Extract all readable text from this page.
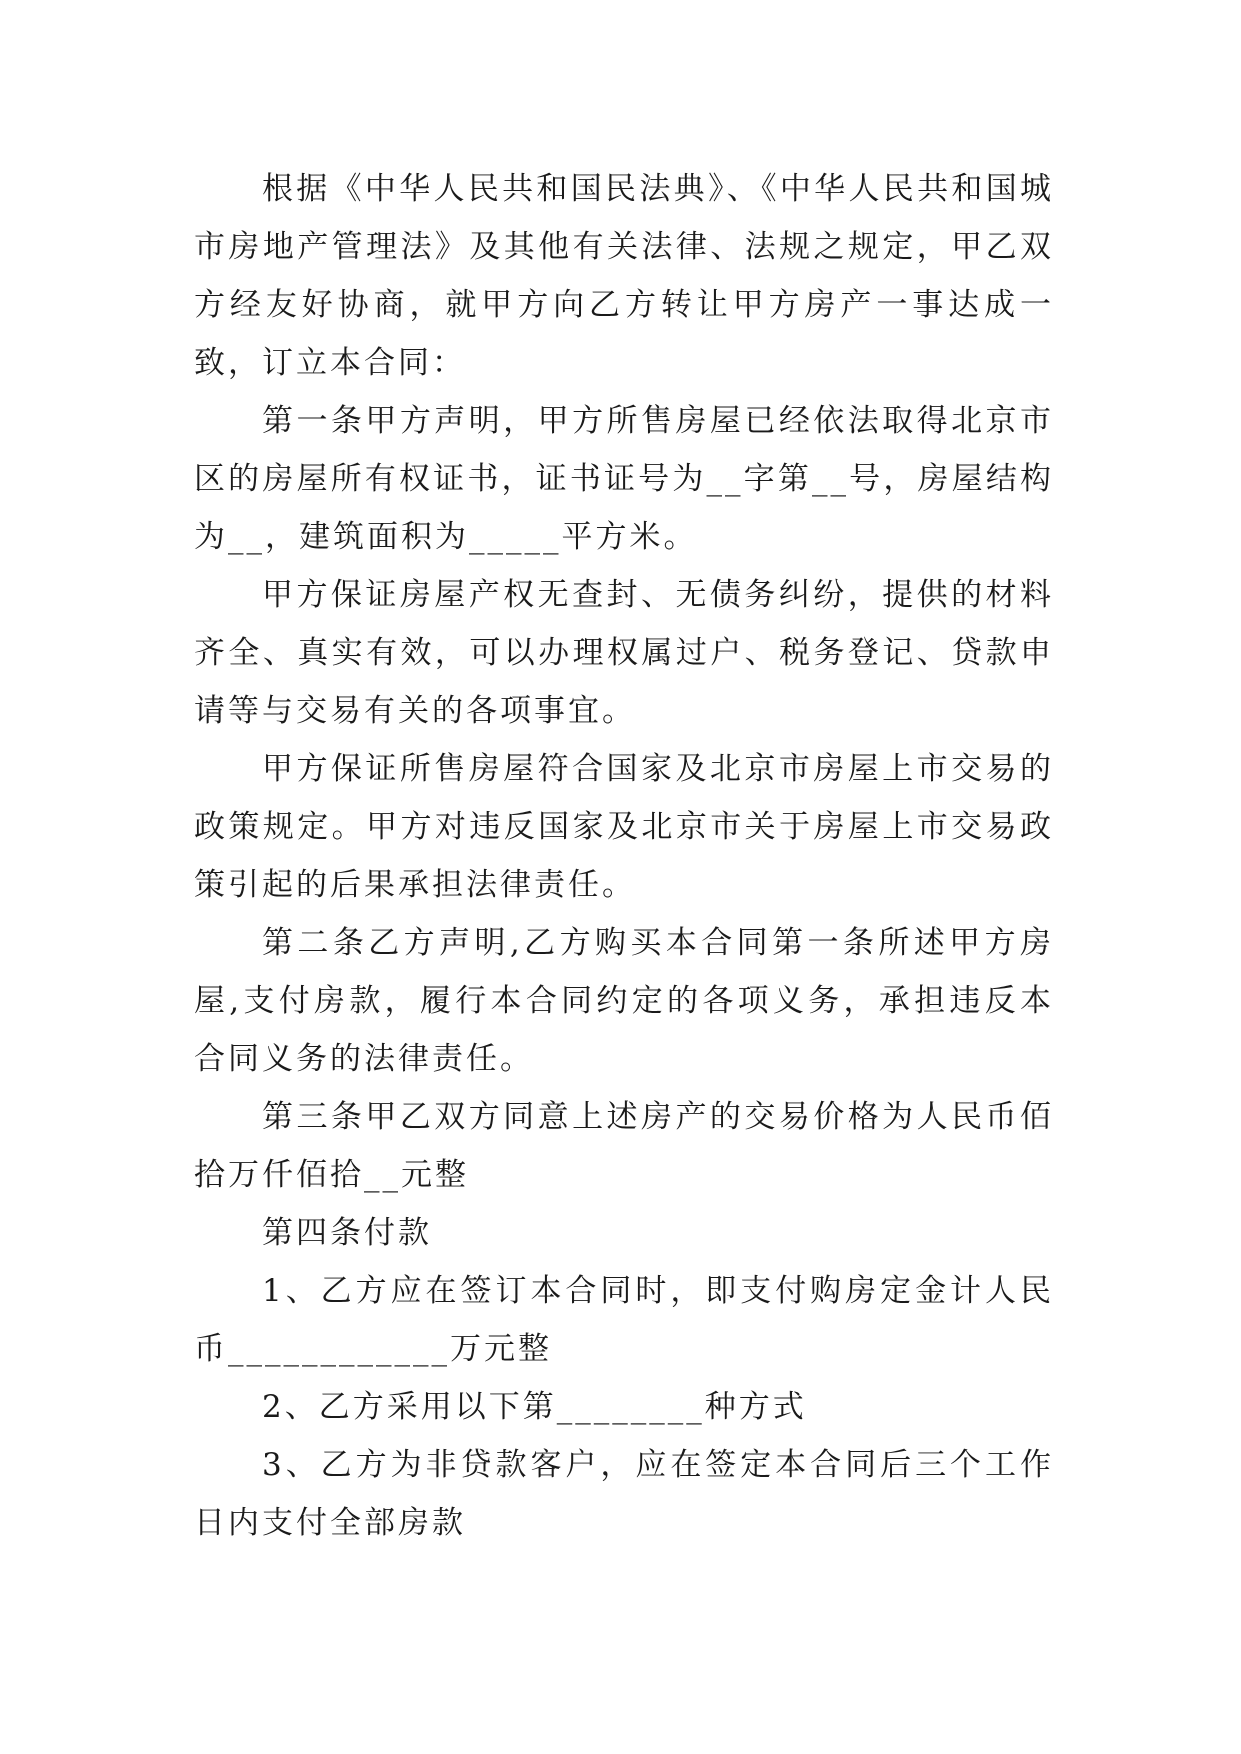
根据《中华人民共和国民法典》、《中华人民共和国城市房地产管理法》及其他有关法律、法规之规定，甲乙双方经友好协商，就甲方向乙方转让甲方房产一事达成一致，订立本合同：

第一条甲方声明，甲方所售房屋已经依法取得北京市区的房屋所有权证书，证书证号为__字第__号，房屋结构为__，建筑面积为_____平方米。

甲方保证房屋产权无查封、无债务纠纷，提供的材料齐全、真实有效，可以办理权属过户、税务登记、贷款申请等与交易有关的各项事宜。

甲方保证所售房屋符合国家及北京市房屋上市交易的政策规定。甲方对违反国家及北京市关于房屋上市交易政策引起的后果承担法律责任。

第二条乙方声明,乙方购买本合同第一条所述甲方房屋,支付房款，履行本合同约定的各项义务，承担违反本合同义务的法律责任。

第三条甲乙双方同意上述房产的交易价格为人民币佰拾万仟佰拾__元整

第四条付款

1、乙方应在签订本合同时，即支付购房定金计人民币____________万元整

2、乙方采用以下第________种方式

3、乙方为非贷款客户，应在签定本合同后三个工作日内支付全部房款
